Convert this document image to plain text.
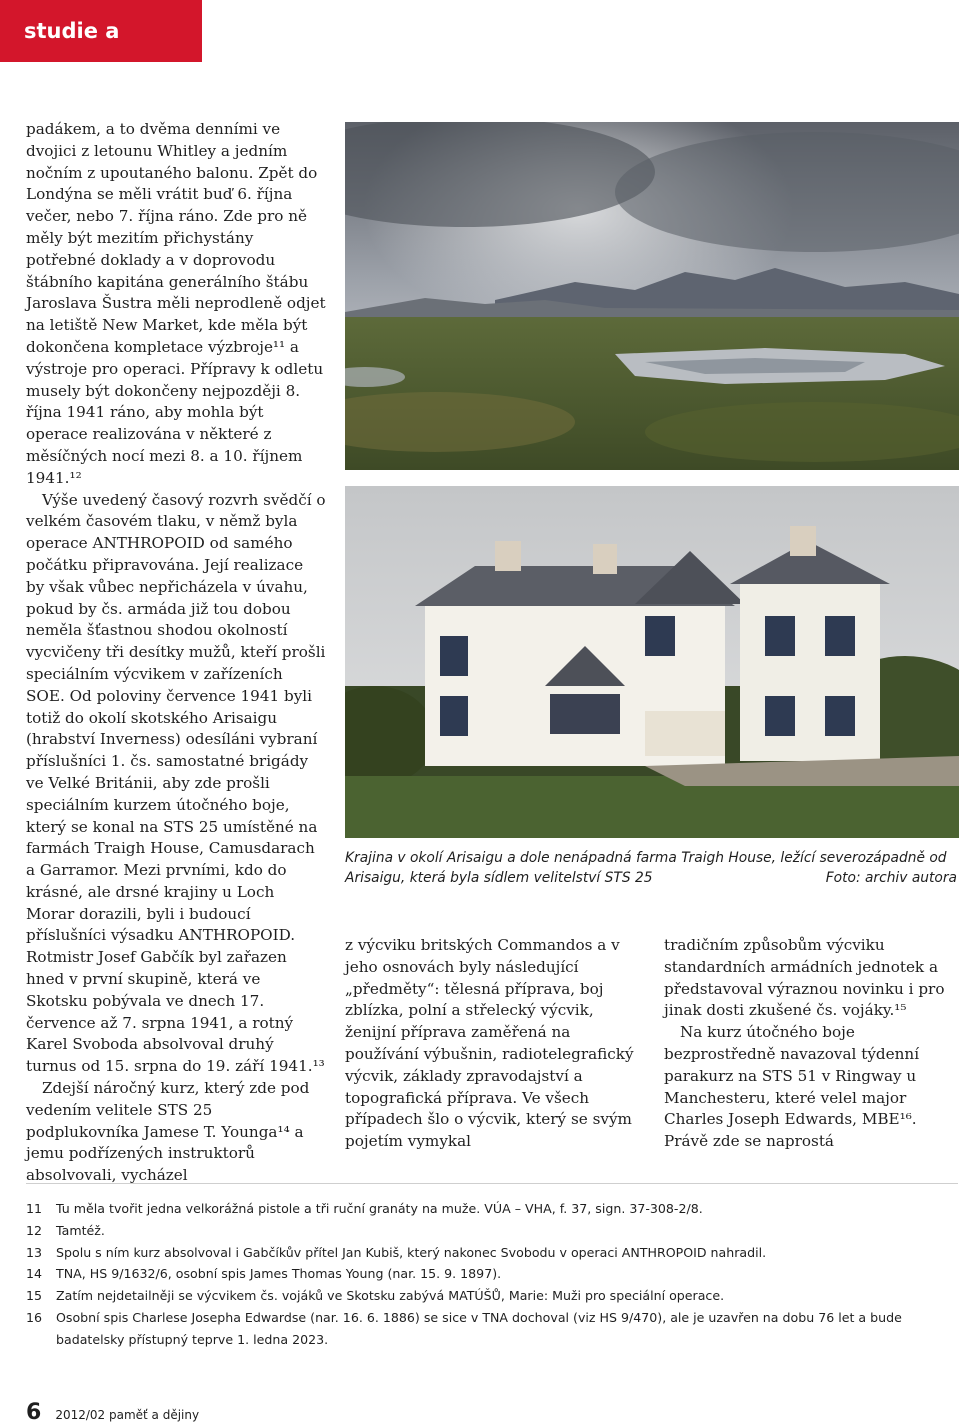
studie a články

padákem, a to dvěma denními ve dvojici z letounu Whitley a jedním nočním z upoutaného balonu. Zpět do Londýna se měli vrátit buď 6. října večer, nebo 7. října ráno. Zde pro ně měly být mezitím přichystány potřebné doklady a v doprovodu štábního kapitána generálního štábu Jaroslava Šustra měli neprodleně odjet na letiště New Market, kde měla být dokončena kompletace výzbroje¹¹ a výstroje pro operaci. Přípravy k odletu musely být dokončeny nejpozději 8. října 1941 ráno, aby mohla být operace realizována v některé z měsíčných nocí mezi 8. a 10. říjnem 1941.¹²

Výše uvedený časový rozvrh svědčí o velkém časovém tlaku, v němž byla operace ANTHROPOID od samého počátku připravována. Její realizace by však vůbec nepřicházela v úvahu, pokud by čs. armáda již tou dobou neměla šťastnou shodou okolností vycvičeny tři desítky mužů, kteří prošli speciálním výcvikem v zařízeních SOE. Od poloviny července 1941 byli totiž do okolí skotského Arisaigu (hrabství Inverness) odesíláni vybraní příslušníci 1. čs. samostatné brigády ve Velké Británii, aby zde prošli speciálním kurzem útočného boje, který se konal na STS 25 umístěné na farmách Traigh House, Camusdarach a Garramor. Mezi prvními, kdo do krásné, ale drsné krajiny u Loch Morar dorazili, byli i budoucí příslušníci výsadku ANTHROPOID. Rotmistr Josef Gabčík byl zařazen hned v první skupině, která ve Skotsku pobývala ve dnech 17. července až 7. srpna 1941, a rotný Karel Svoboda absolvoval druhý turnus od 15. srpna do 19. září 1941.¹³

Zdejší náročný kurz, který zde pod vedením velitele STS 25 podplukovníka Jamese T. Younga¹⁴ a jemu podřízených instruktorů absolvovali, vycházel

Krajina v okolí Arisaigu a dole nenápadná farma Traigh House, ležící severozápadně od Arisaigu, která byla sídlem velitelství STS 25	Foto: archiv autora

z výcviku britských Commandos a v jeho osnovách byly následující „předměty“: tělesná příprava, boj zblízka, polní a střelecký výcvik, ženijní příprava zaměřená na používání výbušnin, radiotelegrafický výcvik, základy zpravodajství a topografická příprava. Ve všech případech šlo o výcvik, který se svým pojetím vymykal

tradičním způsobům výcviku standardních armádních jednotek a představoval výraznou novinku i pro jinak dosti zkušené čs. vojáky.¹⁵

Na kurz útočného boje bezprostředně navazoval týdenní parakurz na STS 51 v Ringway u Manchesteru, které velel major Charles Joseph Edwards, MBE¹⁶. Právě zde se naprostá

11	Tu měla tvořit jedna velkorážná pistole a tři ruční granáty na muže. VÚA – VHA, f. 37, sign. 37-308-2/8.
12	Tamtéž.
13	Spolu s ním kurz absolvoval i Gabčíkův přítel Jan Kubiš, který nakonec Svobodu v operaci ANTHROPOID nahradil.
14	TNA, HS 9/1632/6, osobní spis James Thomas Young (nar. 15. 9. 1897).
15	Zatím nejdetailněji se výcvikem čs. vojáků ve Skotsku zabývá MATÚŠŮ, Marie: Muži pro speciální operace.
16	Osobní spis Charlese Josepha Edwardse (nar. 16. 6. 1886) se sice v TNA dochoval (viz HS 9/470), ale je uzavřen na dobu 76 let a bude badatelsky přístupný teprve 1. ledna 2023.
6 2012/02 paměť a dějiny
